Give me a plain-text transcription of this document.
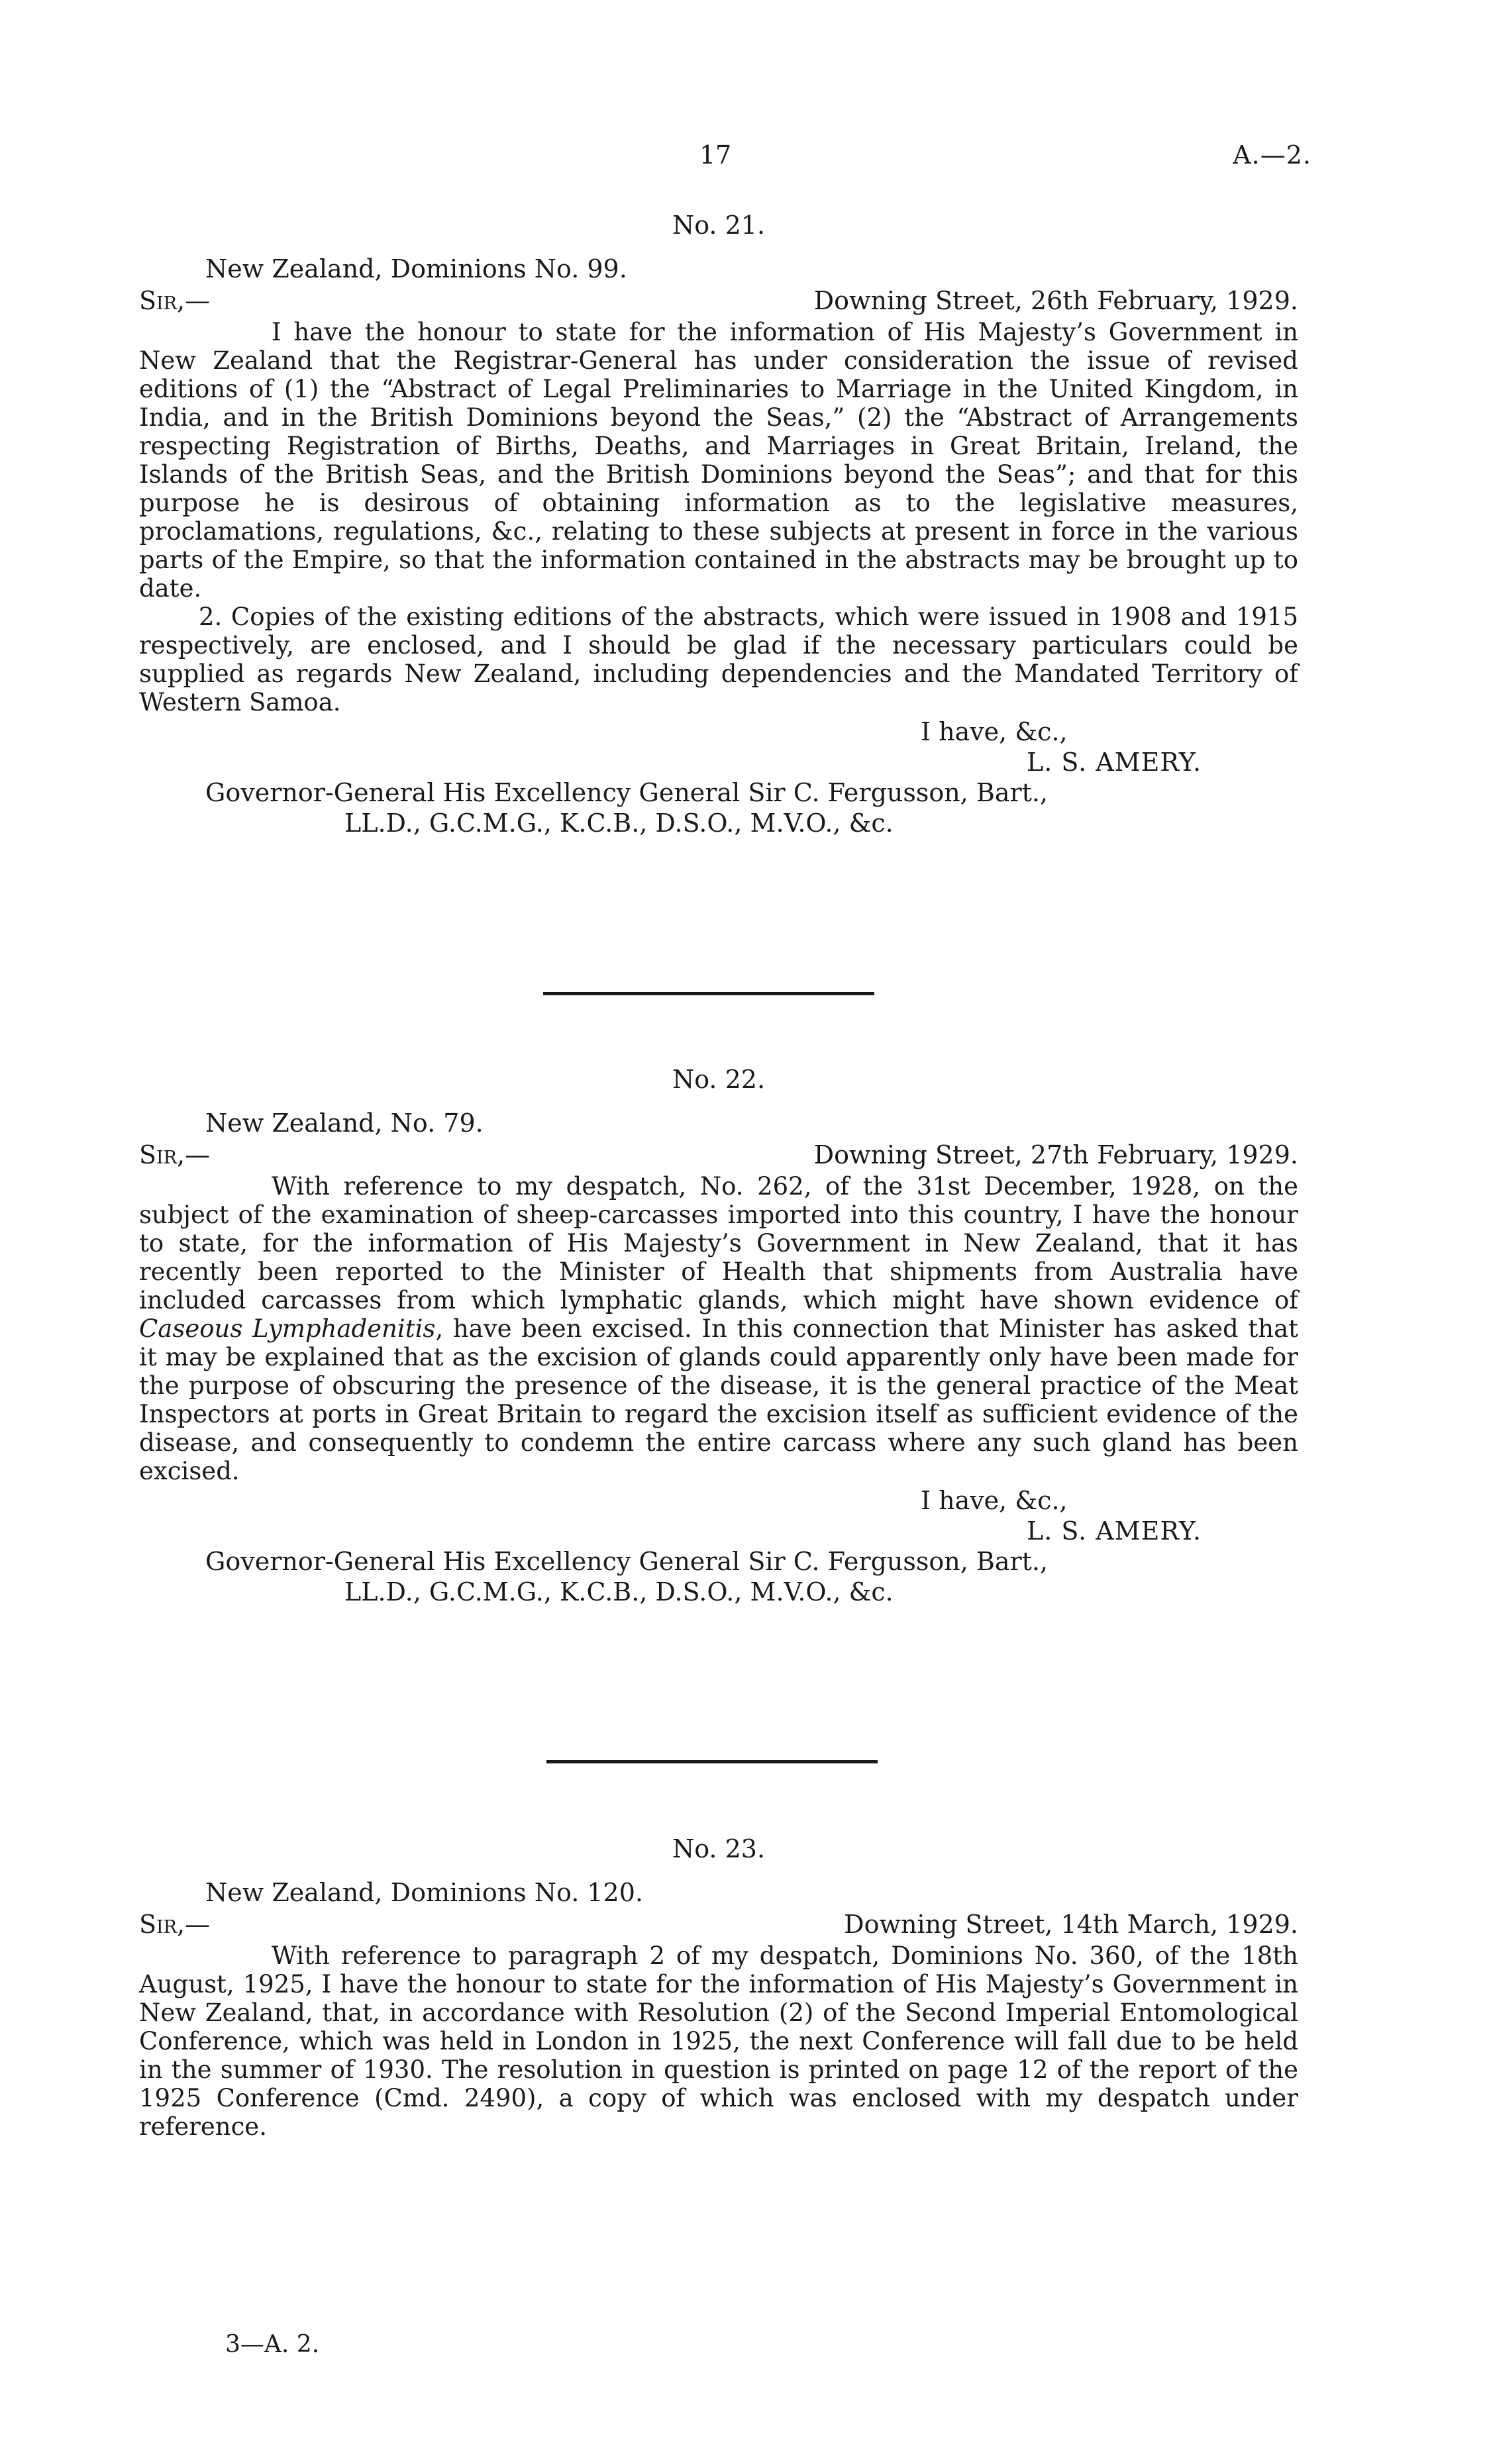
17	A.—2.
No. 21.
New Zealand, Dominions No. 99.
Sir,—	Downing Street, 26th February, 1929.

I have the honour to state for the information of His Majesty’s Government in New Zealand that the Registrar-General has under consideration the issue of revised editions of (1) the “Abstract of Legal Preliminaries to Marriage in the United Kingdom, in India, and in the British Dominions beyond the Seas,” (2) the “Abstract of Arrangements respecting Registration of Births, Deaths, and Marriages in Great Britain, Ireland, the Islands of the British Seas, and the British Dominions beyond the Seas”; and that for this purpose he is desirous of obtaining information as to the legislative measures, proclamations, regulations, &c., relating to these subjects at present in force in the various parts of the Empire, so that the information contained in the abstracts may be brought up to date.

2. Copies of the existing editions of the abstracts, which were issued in 1908 and 1915 respectively, are enclosed, and I should be glad if the necessary particulars could be supplied as regards New Zealand, including dependencies and the Mandated Territory of Western Samoa.

I have, &c.,
L. S. AMERY.
Governor-General His Excellency General Sir C. Fergusson, Bart.,
LL.D., G.C.M.G., K.C.B., D.S.O., M.V.O., &c.
No. 22.
New Zealand, No. 79.
Sir,—	Downing Street, 27th February, 1929.

With reference to my despatch, No. 262, of the 31st December, 1928, on the subject of the examination of sheep-carcasses imported into this country, I have the honour to state, for the information of His Majesty’s Government in New Zealand, that it has recently been reported to the Minister of Health that shipments from Australia have included carcasses from which lymphatic glands, which might have shown evidence of Caseous Lymphadenitis, have been excised. In this connection that Minister has asked that it may be explained that as the excision of glands could apparently only have been made for the purpose of obscuring the presence of the disease, it is the general practice of the Meat Inspectors at ports in Great Britain to regard the excision itself as sufficient evidence of the disease, and consequently to condemn the entire carcass where any such gland has been excised.

I have, &c.,
L. S. AMERY.
Governor-General His Excellency General Sir C. Fergusson, Bart.,
LL.D., G.C.M.G., K.C.B., D.S.O., M.V.O., &c.
No. 23.
New Zealand, Dominions No. 120.
Sir,—	Downing Street, 14th March, 1929.

With reference to paragraph 2 of my despatch, Dominions No. 360, of the 18th August, 1925, I have the honour to state for the information of His Majesty’s Government in New Zealand, that, in accordance with Resolution (2) of the Second Imperial Entomological Conference, which was held in London in 1925, the next Conference will fall due to be held in the summer of 1930. The resolution in question is printed on page 12 of the report of the 1925 Conference (Cmd. 2490), a copy of which was enclosed with my despatch under reference.

3—A. 2.
